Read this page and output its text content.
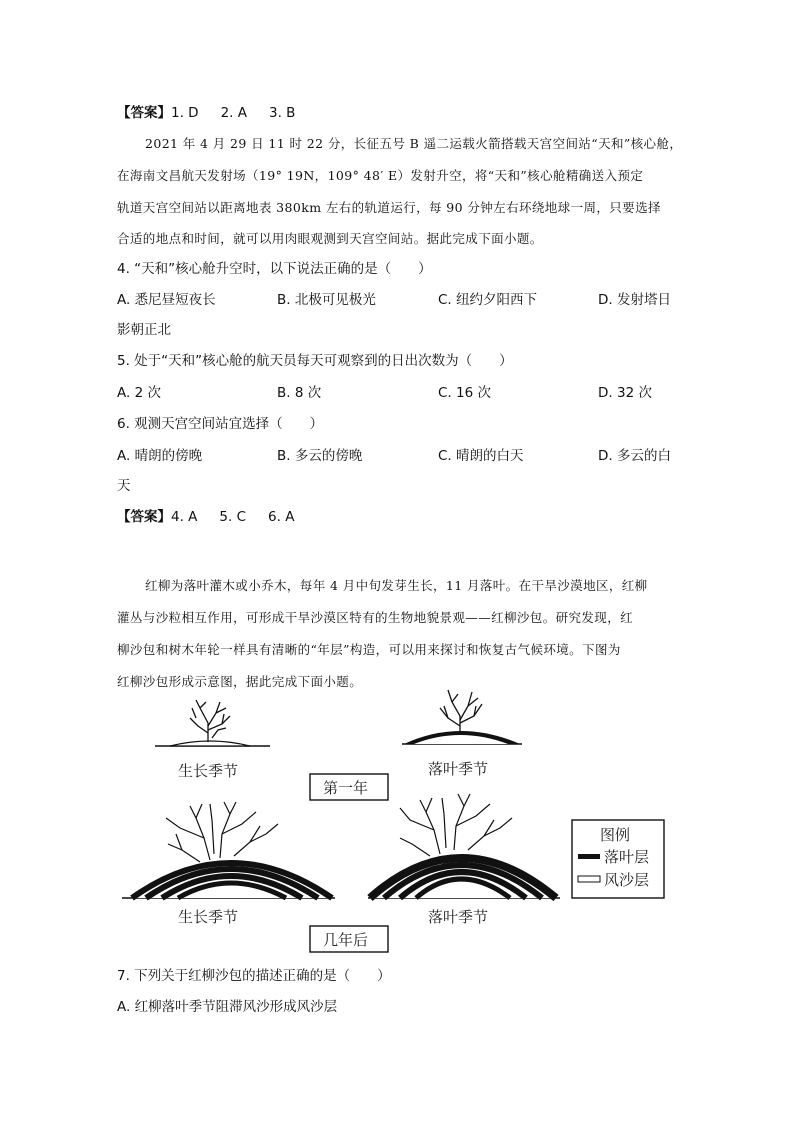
【答案】1. D 2. A 3. B
2021 年 4 月 29 日 11 时 22 分，长征五号 B 遥二运载火箭搭载天宫空间站“天和”核心舱，
在海南文昌航天发射场（19° 19N，109° 48′ E）发射升空，将“天和”核心舱精确送入预定
轨道天宫空间站以距离地表 380km 左右的轨道运行，每 90 分钟左右环绕地球一周，只要选择
合适的地点和时间，就可以用肉眼观测到天宫空间站。据此完成下面小题。
4. “天和”核心舱升空时，以下说法正确的是（　　）
A. 悉尼昼短夜长	B. 北极可见极光	C. 纽约夕阳西下	D. 发射塔日
影朝正北
5. 处于“天和”核心舱的航天员每天可观察到的日出次数为（　　）
A. 2 次	B. 8 次	C. 16 次	D. 32 次
6. 观测天宫空间站宜选择（　　）
A. 晴朗的傍晚	B. 多云的傍晚	C. 晴朗的白天	D. 多云的白
天
【答案】4. A 5. C 6. A
红柳为落叶灌木或小乔木，每年 4 月中旬发芽生长，11 月落叶。在干旱沙漠地区，红柳
灌丛与沙粒相互作用，可形成干旱沙漠区特有的生物地貌景观——红柳沙包。研究发现，红
柳沙包和树木年轮一样具有清晰的“年层”构造，可以用来探讨和恢复古气候环境。下图为
红柳沙包形成示意图，据此完成下面小题。
生长季节	落叶季节
第一年
生长季节	落叶季节
几年后
图例
落叶层
风沙层
7. 下列关于红柳沙包的描述正确的是（　　）
A. 红柳落叶季节阻滞风沙形成风沙层
